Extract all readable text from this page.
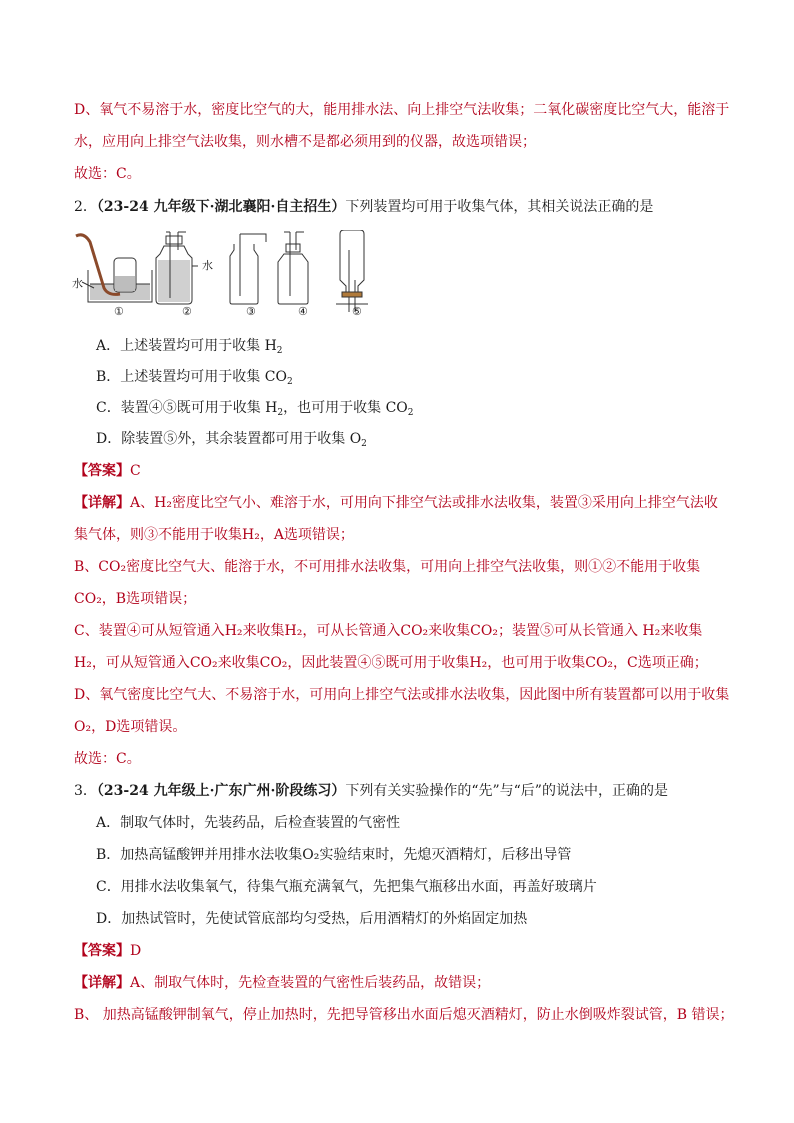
D、氧气不易溶于水，密度比空气的大，能用排水法、向上排空气法收集；二氧化碳密度比空气大，能溶于
水，应用向上排空气法收集，则水槽不是都必须用到的仪器，故选项错误；
故选：C。
2．（23-24 九年级下·湖北襄阳·自主招生）下列装置均可用于收集气体，其相关说法正确的是
水
水
①	②	③	④	⑤
A．上述装置均可用于收集 $H_2$
B．上述装置均可用于收集 $CO_2$
C．装置④⑤既可用于收集 $H_2$，也可用于收集 $CO_2$
D．除装置⑤外，其余装置都可用于收集 $O_2$
【答案】C
【详解】A、H₂密度比空气小、难溶于水，可用向下排空气法或排水法收集，装置③采用向上排空气法收
集气体，则③不能用于收集H₂，A选项错误；
B、CO₂密度比空气大、能溶于水，不可用排水法收集，可用向上排空气法收集，则①②不能用于收集
CO₂，B选项错误；
C、装置④可从短管通入H₂来收集H₂，可从长管通入CO₂来收集CO₂；装置⑤可从长管通入 H₂来收集
H₂，可从短管通入CO₂来收集CO₂，因此装置④⑤既可用于收集H₂，也可用于收集CO₂，C选项正确；
D、氧气密度比空气大、不易溶于水，可用向上排空气法或排水法收集，因此图中所有装置都可以用于收集
O₂，D选项错误。
故选：C。
3．（23-24 九年级上·广东广州·阶段练习）下列有关实验操作的“先”与“后”的说法中，正确的是
A．制取气体时，先装药品，后检查装置的气密性
B．加热高锰酸钾并用排水法收集O₂实验结束时，先熄灭酒精灯，后移出导管
C．用排水法收集氧气，待集气瓶充满氧气，先把集气瓶移出水面，再盖好玻璃片
D．加热试管时，先使试管底部均匀受热，后用酒精灯的外焰固定加热
【答案】D
【详解】A、制取气体时，先检查装置的气密性后装药品，故错误；
B、 加热高锰酸钾制氧气，停止加热时，先把导管移出水面后熄灭酒精灯，防止水倒吸炸裂试管，B 错误；
